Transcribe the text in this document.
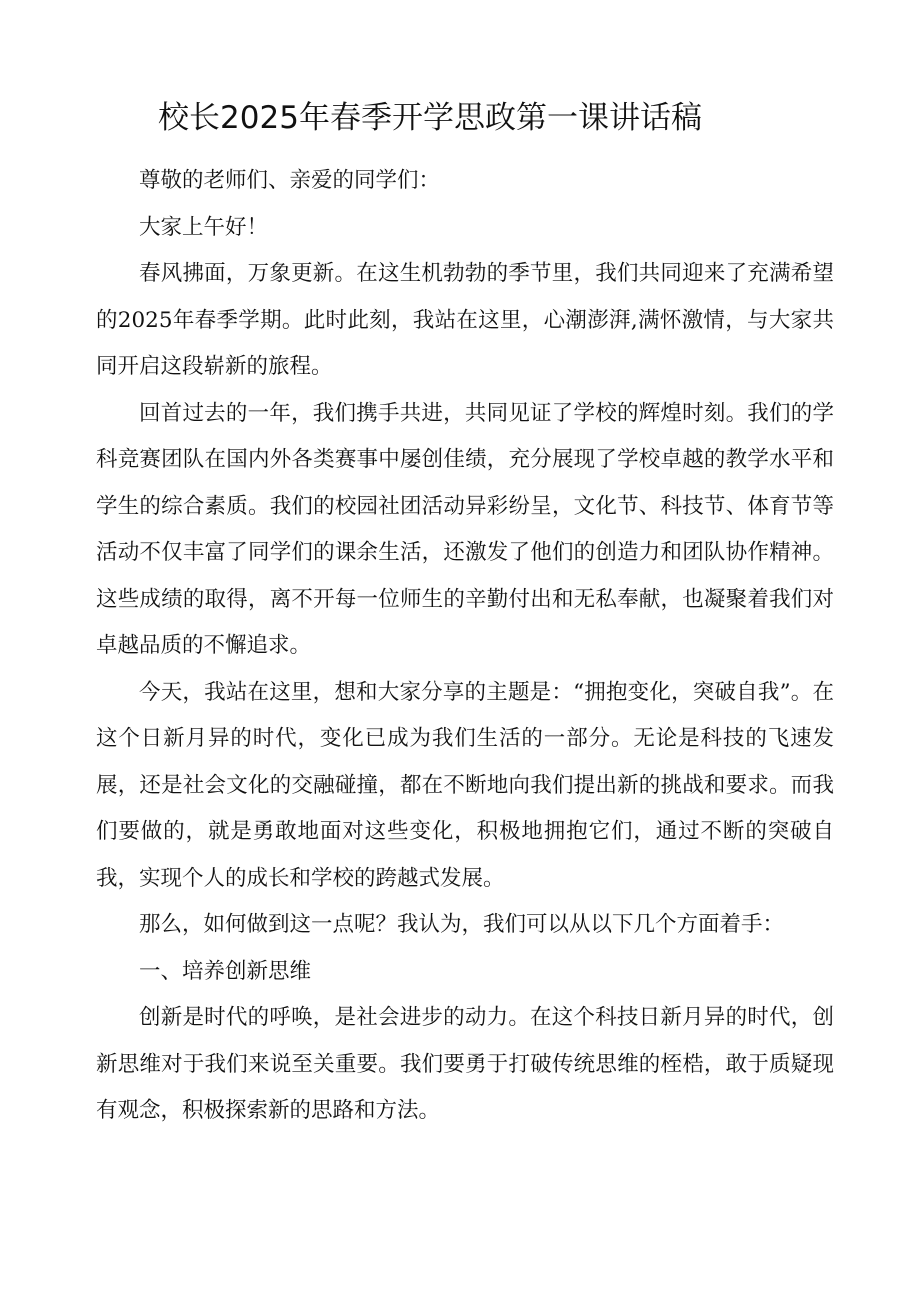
校长2025年春季开学思政第一课讲话稿

尊敬的老师们、亲爱的同学们：

大家上午好！

春风拂面，万象更新。在这生机勃勃的季节里，我们共同迎来了充满希望的2025年春季学期。此时此刻，我站在这里，心潮澎湃,满怀激情，与大家共同开启这段崭新的旅程。

回首过去的一年，我们携手共进，共同见证了学校的辉煌时刻。我们的学科竞赛团队在国内外各类赛事中屡创佳绩，充分展现了学校卓越的教学水平和学生的综合素质。我们的校园社团活动异彩纷呈，文化节、科技节、体育节等活动不仅丰富了同学们的课余生活，还激发了他们的创造力和团队协作精神。这些成绩的取得，离不开每一位师生的辛勤付出和无私奉献，也凝聚着我们对卓越品质的不懈追求。

今天，我站在这里，想和大家分享的主题是：“拥抱变化，突破自我”。在这个日新月异的时代，变化已成为我们生活的一部分。无论是科技的飞速发展，还是社会文化的交融碰撞，都在不断地向我们提出新的挑战和要求。而我们要做的，就是勇敢地面对这些变化，积极地拥抱它们，通过不断的突破自我，实现个人的成长和学校的跨越式发展。

那么，如何做到这一点呢？我认为，我们可以从以下几个方面着手：

一、培养创新思维

创新是时代的呼唤，是社会进步的动力。在这个科技日新月异的时代，创新思维对于我们来说至关重要。我们要勇于打破传统思维的桎梏，敢于质疑现有观念，积极探索新的思路和方法。
